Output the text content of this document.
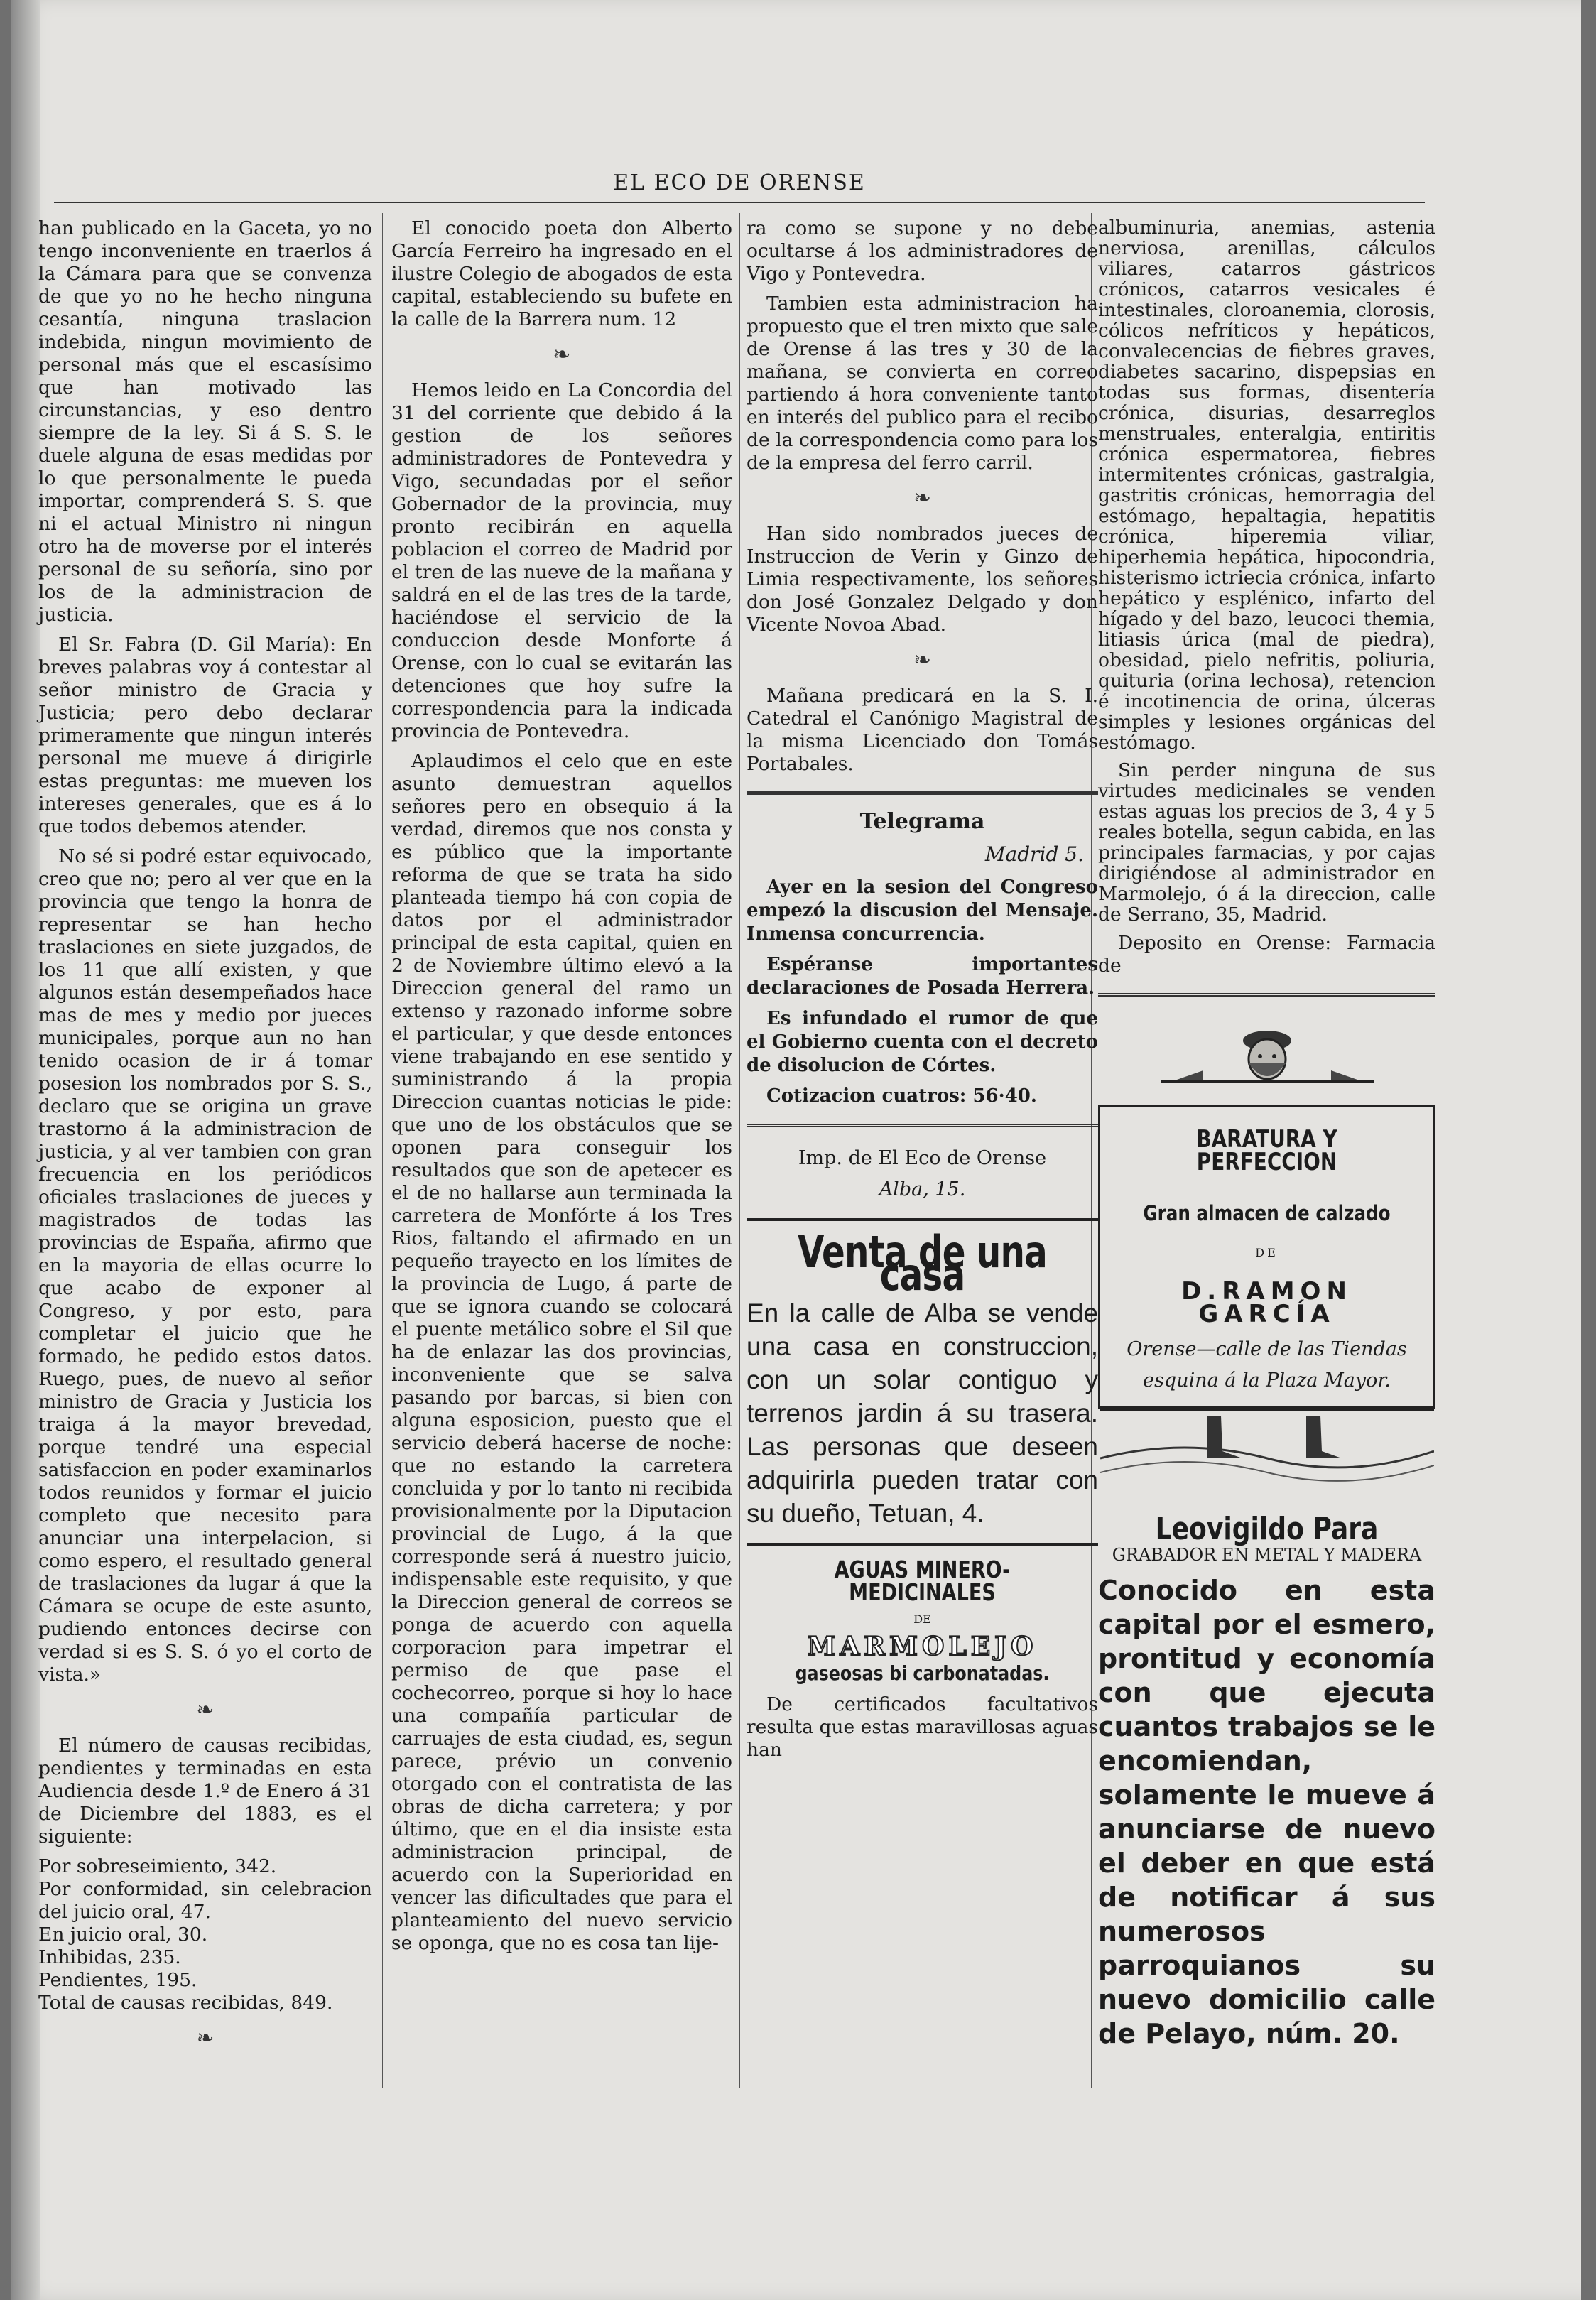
EL ECO DE ORENSE

han publicado en la Gaceta, yo no tengo inconveniente en traerlos á la Cámara para que se convenza de que yo no he hecho ninguna cesantía, ninguna traslacion indebida, ningun movimiento de personal más que el escasísimo que han motivado las circunstancias, y eso dentro siempre de la ley. Si á S. S. le duele alguna de esas medidas por lo que personalmente le pueda importar, comprenderá S. S. que ni el actual Ministro ni ningun otro ha de moverse por el interés personal de su señoría, sino por los de la administracion de justicia.

El Sr. Fabra (D. Gil María): En breves palabras voy á contestar al señor ministro de Gracia y Justicia; pero debo declarar primeramente que ningun interés personal me mueve á dirigirle estas preguntas: me mueven los intereses generales, que es á lo que todos debemos atender.

No sé si podré estar equivocado, creo que no; pero al ver que en la provincia que tengo la honra de representar se han hecho traslaciones en siete juzgados, de los 11 que allí existen, y que algunos están desempeñados hace mas de mes y medio por jueces municipales, porque aun no han tenido ocasion de ir á tomar posesion los nombrados por S. S., declaro que se origina un grave trastorno á la administracion de justicia, y al ver tambien con gran frecuencia en los periódicos oficiales traslaciones de jueces y magistrados de todas las provincias de España, afirmo que en la mayoria de ellas ocurre lo que acabo de exponer al Congreso, y por esto, para completar el juicio que he formado, he pedido estos datos. Ruego, pues, de nuevo al señor ministro de Gracia y Justicia los traiga á la mayor brevedad, porque tendré una especial satisfaccion en poder examinarlos todos reunidos y formar el juicio completo que necesito para anunciar una interpelacion, si como espero, el resultado general de traslaciones da lugar á que la Cámara se ocupe de este asunto, pudiendo entonces decirse con verdad si es S. S. ó yo el corto de vista.»

❧

El número de causas recibidas, pendientes y terminadas en esta Audiencia desde 1.º de Enero á 31 de Diciembre del 1883, es el siguiente:

Por sobreseimiento, 342.

Por conformidad, sin celebracion del juicio oral, 47.

En juicio oral, 30.

Inhibidas, 235.

Pendientes, 195.

Total de causas recibidas, 849.

❧

El conocido poeta don Alberto García Ferreiro ha ingresado en el ilustre Colegio de abogados de esta capital, estableciendo su bufete en la calle de la Barrera num. 12

❧

Hemos leido en La Concordia del 31 del corriente que debido á la gestion de los señores administradores de Pontevedra y Vigo, secundadas por el señor Gobernador de la provincia, muy pronto recibirán en aquella poblacion el correo de Madrid por el tren de las nueve de la mañana y saldrá en el de las tres de la tarde, haciéndose el servicio de la conduccion desde Monforte á Orense, con lo cual se evitarán las detenciones que hoy sufre la correspondencia para la indicada provincia de Pontevedra.

Aplaudimos el celo que en este asunto demuestran aquellos señores pero en obsequio á la verdad, diremos que nos consta y es público que la importante reforma de que se trata ha sido planteada tiempo há con copia de datos por el administrador principal de esta capital, quien en 2 de Noviembre último elevó a la Direccion general del ramo un extenso y razonado informe sobre el particular, y que desde entonces viene trabajando en ese sentido y suministrando á la propia Direccion cuantas noticias le pide: que uno de los obstáculos que se oponen para conseguir los resultados que son de apetecer es el de no hallarse aun terminada la carretera de Monfórte á los Tres Rios, faltando el afirmado en un pequeño trayecto en los límites de la provincia de Lugo, á parte de que se ignora cuando se colocará el puente metálico sobre el Sil que ha de enlazar las dos provincias, inconveniente que se salva pasando por barcas, si bien con alguna esposicion, puesto que el servicio deberá hacerse de noche: que no estando la carretera concluida y por lo tanto ni recibida provisionalmente por la Diputacion provincial de Lugo, á la que corresponde será á nuestro juicio, indispensable este requisito, y que la Direccion general de correos se ponga de acuerdo con aquella corporacion para impetrar el permiso de que pase el cochecorreo, porque si hoy lo hace una compañía particular de carruajes de esta ciudad, es, segun parece, prévio un convenio otorgado con el contratista de las obras de dicha carretera; y por último, que en el dia insiste esta administracion principal, de acuerdo con la Superioridad en vencer las dificultades que para el planteamiento del nuevo servicio se oponga, que no es cosa tan lije-

ra como se supone y no debe ocultarse á los administradores de Vigo y Pontevedra.

Tambien esta administracion ha propuesto que el tren mixto que sale de Orense á las tres y 30 de la mañana, se convierta en correo partiendo á hora conveniente tanto en interés del publico para el recibo de la correspondencia como para los de la empresa del ferro carril.

❧

Han sido nombrados jueces de Instruccion de Verin y Ginzo de Limia respectivamente, los señores don José Gonzalez Delgado y don Vicente Novoa Abad.

❧

Mañana predicará en la S. I. Catedral el Canónigo Magistral de la misma Licenciado don Tomás Portabales.

Telegrama
Madrid 5.

Ayer en la sesion del Congreso empezó la discusion del Mensaje. Inmensa concurrencia.

Espéranse importantes declaraciones de Posada Herrera.

Es infundado el rumor de que el Gobierno cuenta con el decreto de disolucion de Córtes.

Cotizacion cuatros: 56·40.

Imp. de El Eco de Orense
Alba, 15.
Venta de una casa
En la calle de Alba se vende una casa en construccion, con un solar contiguo y terrenos jardin á su trasera. Las personas que deseen adquirirla pueden tratar con su dueño, Tetuan, 4.
AGUAS MINERO-MEDICINALES
DE
MARMOLEJO
gaseosas bi carbonatadas.

De certificados facultativos resulta que estas maravillosas aguas han

albuminuria, anemias, astenia nerviosa, arenillas, cálculos viliares, catarros gástricos crónicos, catarros vesicales é intestinales, cloroanemia, clorosis, cólicos nefríticos y hepáticos, convalecencias de fiebres graves, diabetes sacarino, dispepsias en todas sus formas, disentería crónica, disurias, desarreglos menstruales, enteralgia, entiritis crónica espermatorea, fiebres intermitentes crónicas, gastralgia, gastritis crónicas, hemorragia del estómago, hepaltagia, hepatitis crónica, hiperemia viliar, hiperhemia hepática, hipocondria, histerismo ictriecia crónica, infarto hepático y esplénico, infarto del hígado y del bazo, leucoci themia, litiasis úrica (mal de piedra), obesidad, pielo nefritis, poliuria, quituria (orina lechosa), retencion é incotinencia de orina, úlceras simples y lesiones orgánicas del estómago.

Sin perder ninguna de sus virtudes medicinales se venden estas aguas los precios de 3, 4 y 5 reales botella, segun cabida, en las principales farmacias, y por cajas dirigiéndose al administrador en Marmolejo, ó á la direccion, calle de Serrano, 35, Madrid.

Deposito en Orense: Farmacia de

BARATURA Y PERFECCION
Gran almacen de calzado
DE
D.RAMON GARCÍA
Orense—calle de las Tiendas
esquina á la Plaza Mayor.
Leovigildo Para
GRABADOR EN METAL Y MADERA
Conocido en esta capital por el esmero, prontitud y economía con que ejecuta cuantos trabajos se le encomiendan, solamente le mueve á anunciarse de nuevo el deber en que está de notificar á sus numerosos parroquianos su nuevo domicilio calle de Pelayo, núm. 20.
